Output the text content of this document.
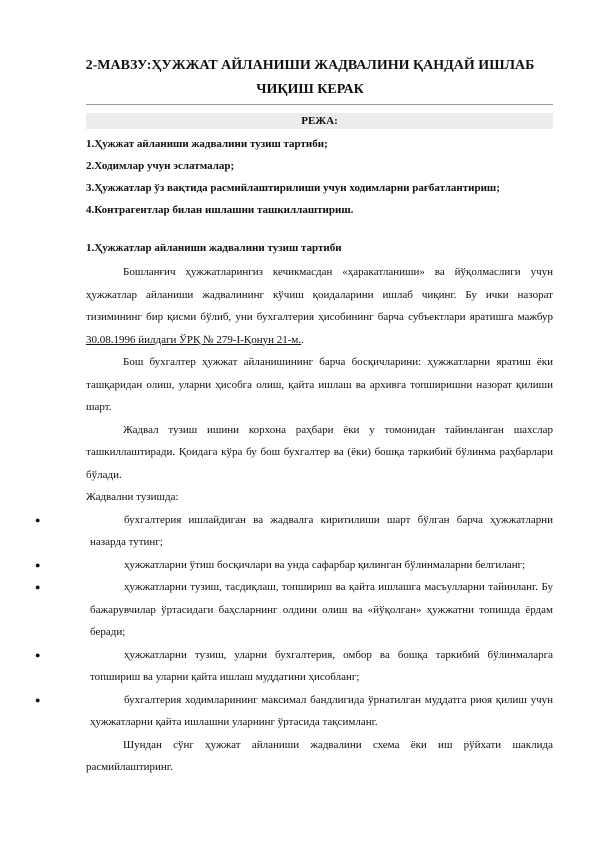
2-МАВЗУ:ҲУЖЖАТ АЙЛАНИШИ ЖАДВАЛИНИ ҚАНДАЙ ИШЛАБ ЧИҚИШ КЕРАК
РЕЖА:
1.Ҳужжат айланиши жадвалини тузиш тартиби;
2.Ходимлар учун эслатмалар;
3.Ҳужжатлар ўз вақтида расмийлаштирилиши учун ходимларни рағбатлантириш;
4.Контрагентлар билан ишлашни ташкиллаштириш.
1.Ҳужжатлар айланиши жадвалини тузиш тартиби
Бошланғич ҳужжатларингиз кечикмасдан «ҳаракатланиши» ва йўқолмаслиги учун ҳужжатлар айланиши жадвалининг кўчиш қоидаларини ишлаб чиқинг. Бу ички назорат тизимининг бир қисми бўлиб, уни бухгалтерия ҳисобининг барча субъектлари яратишга мажбур 30.08.1996 йилдаги ЎРҚ № 279-I-Қонун 21-м..
Бош бухгалтер ҳужжат айланишининг барча босқичларини: ҳужжатларни яратиш ёки ташқаридан олиш, уларни ҳисобга олиш, қайта ишлаш ва архивга топширишни назорат қилиши шарт.
Жадвал тузиш ишини корхона раҳбари ёки у томонидан тайинланган шахслар ташкиллаштиради. Қоидага кўра бу бош бухгалтер ва (ёки) бошқа таркибий бўлинма раҳбарлари бўлади.
Жадвални тузишда:
●	бухгалтерия ишлайдиган ва жадвалга киритилиши шарт бўлган барча ҳужжатларни назарда тутинг;
●	ҳужжатларни ўтиш босқичлари ва унда сафарбар қилинган бўлинмаларни белгиланг;
●	ҳужжатларни тузиш, тасдиқлаш, топшириш ва қайта ишлашга масъулларни тайинланг. Бу бажарувчилар ўртасидаги баҳсларнинг олдини олиш ва «йўқолган» ҳужжатни топишда ёрдам беради;
●	ҳужжатларни тузиш, уларни бухгалтерия, омбор ва бошқа таркибий бўлинмаларга топшириш ва уларни қайта ишлаш муддатини ҳисобланг;
●	бухгалтерия ходимларининг максимал бандлигида ўрнатилган муддатга риоя қилиш учун ҳужжатларни қайта ишлашни уларнинг ўртасида тақсимланг.
Шундан сўнг ҳужжат айланиши жадвалини схема ёки иш рўйхати шаклида расмийлаштиринг.
